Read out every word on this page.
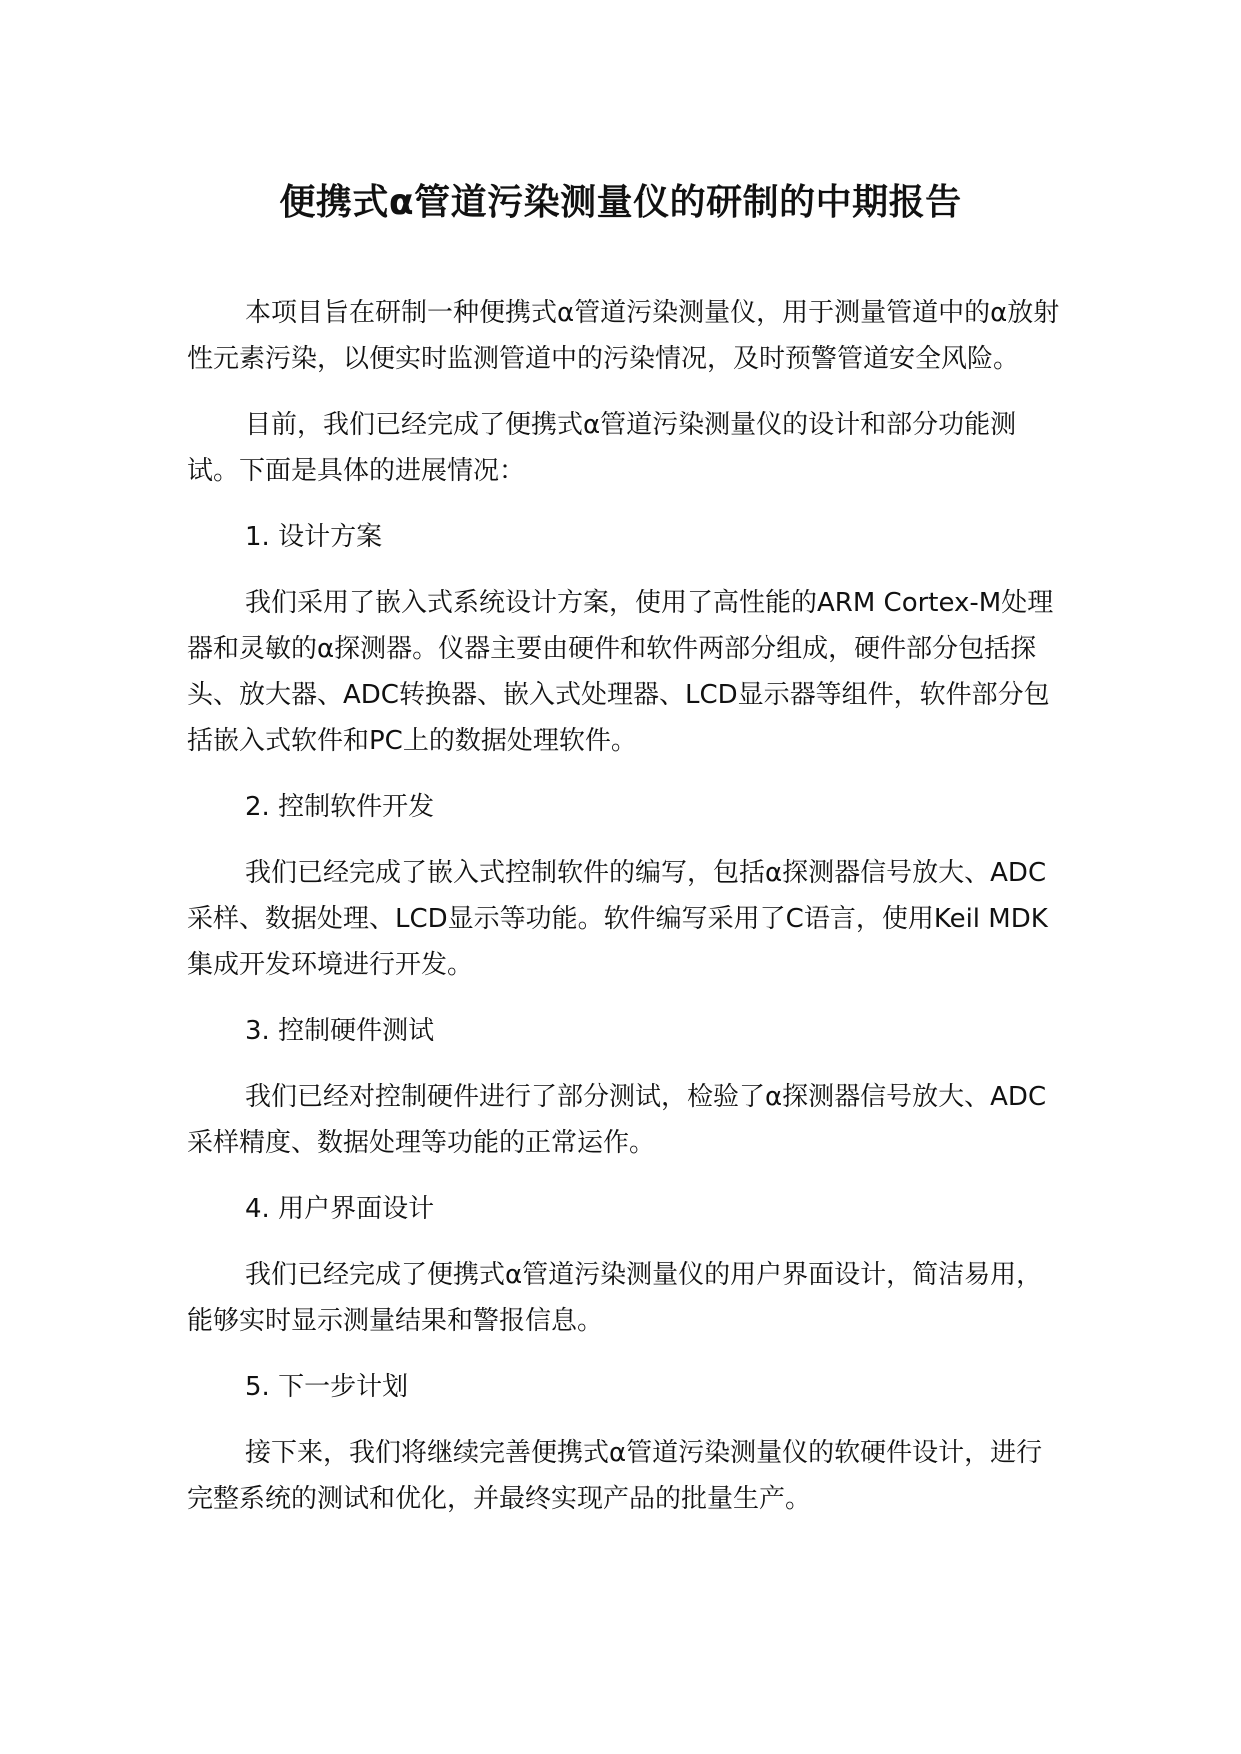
便携式α管道污染测量仪的研制的中期报告

本项目旨在研制一种便携式α管道污染测量仪，用于测量管道中的α放射性元素污染，以便实时监测管道中的污染情况，及时预警管道安全风险。

目前，我们已经完成了便携式α管道污染测量仪的设计和部分功能测试。下面是具体的进展情况：

1. 设计方案

我们采用了嵌入式系统设计方案，使用了高性能的ARM Cortex-M处理器和灵敏的α探测器。仪器主要由硬件和软件两部分组成，硬件部分包括探头、放大器、ADC转换器、嵌入式处理器、LCD显示器等组件，软件部分包括嵌入式软件和PC上的数据处理软件。

2. 控制软件开发

我们已经完成了嵌入式控制软件的编写，包括α探测器信号放大、ADC采样、数据处理、LCD显示等功能。软件编写采用了C语言，使用Keil MDK集成开发环境进行开发。

3. 控制硬件测试

我们已经对控制硬件进行了部分测试，检验了α探测器信号放大、ADC采样精度、数据处理等功能的正常运作。

4. 用户界面设计

我们已经完成了便携式α管道污染测量仪的用户界面设计，简洁易用，能够实时显示测量结果和警报信息。

5. 下一步计划

接下来，我们将继续完善便携式α管道污染测量仪的软硬件设计，进行完整系统的测试和优化，并最终实现产品的批量生产。
